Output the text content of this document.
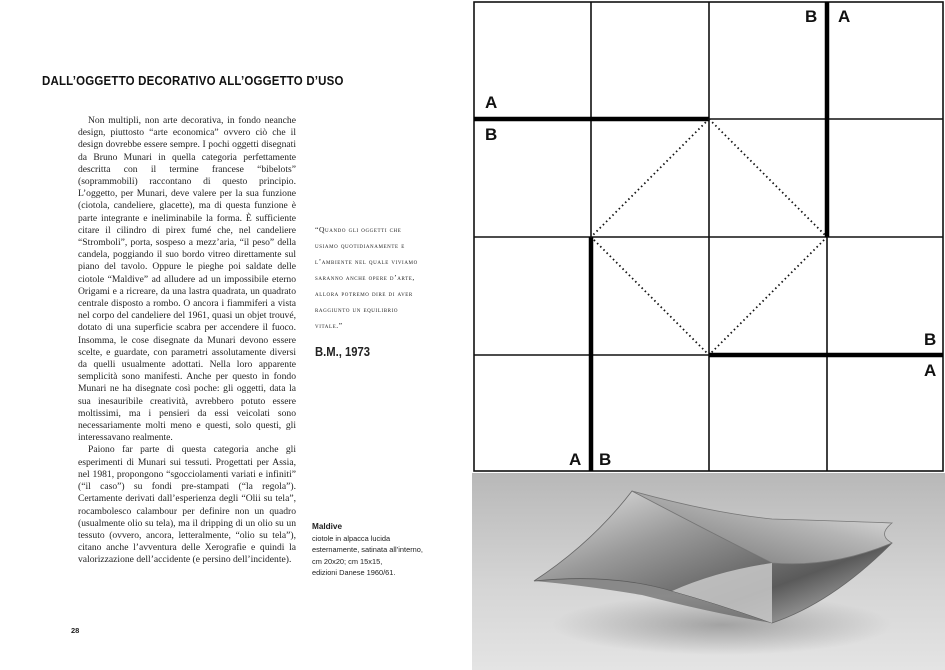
DALL’OGGETTO DECORATIVO ALL’OGGETTO D’USO

Non multipli, non arte decorativa, in fondo neanche design, piuttosto “arte economica” ovvero ciò che il design dovrebbe essere sempre. I pochi oggetti disegnati da Bruno Munari in quella categoria perfettamente descritta con il termine francese “bibelots” (soprammobili) raccontano di questo principio. L’oggetto, per Munari, deve valere per la sua funzione (ciotola, candeliere, glacette), ma di questa funzione è parte integrante e ineliminabile la forma. È sufficiente citare il cilindro di pirex fumé che, nel candeliere “Stromboli”, porta, sospeso a mezz’aria, “il peso” della candela, poggiando il suo bordo vitreo direttamente sul piano del tavolo. Oppure le pieghe poi saldate delle ciotole “Maldive” ad alludere ad un impossibile eterno Origami e a ricreare, da una lastra quadrata, un quadrato centrale disposto a rombo. O ancora i fiammiferi a vista nel corpo del candeliere del 1961, quasi un objet trouvé, dotato di una superficie scabra per accendere il fuoco. Insomma, le cose disegnate da Munari devono essere scelte, e guardate, con parametri assolutamente diversi da quelli usualmente adottati. Nella loro apparente semplicità sono manifesti. Anche per questo in fondo Munari ne ha disegnate così poche: gli oggetti, data la sua inesauribile creatività, avrebbero potuto essere moltissimi, ma i pensieri da essi veicolati sono necessariamente molti meno e questi, solo questi, gli interessavano realmente.

Paiono far parte di questa categoria anche gli esperimenti di Munari sui tessuti. Progettati per Assia, nel 1981, propongono “sgocciolamenti variati e infiniti” (“il caso”) su fondi pre-stampati (“la regola”). Certamente derivati dall’esperienza degli “Olii su tela”, rocambolesco calambour per definire non un quadro (usualmente olio su tela), ma il dripping di un olio su un tessuto (ovvero, ancora, letteralmente, “olio su tela”), citano anche l’avventura delle Xerografie e quindi la valorizzazione dell’accidente (e persino dell’incidente).

“Quando gli oggetti che usiamo quotidianamente e l’ambiente nel quale viviamo saranno anche opere d’arte, allora potremo dire di aver raggiunto un equilibrio vitale.”
B.M., 1973
Maldive
ciotole in alpacca lucida
esternamente, satinata all’interno,
cm 20x20; cm 15x15,
edizioni Danese 1960/61.
28
B A
A
B
B
A
A B
